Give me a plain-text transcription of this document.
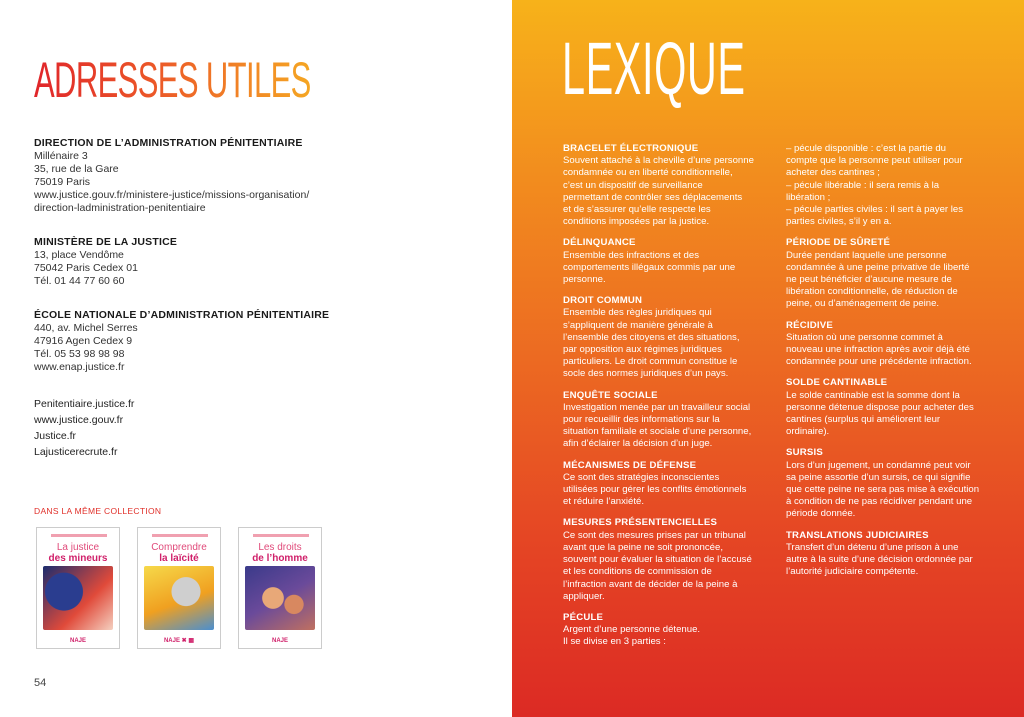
ADRESSES UTILES
DIRECTION DE L’ADMINISTRATION PÉNITENTIAIRE
Millénaire 3
35, rue de la Gare
75019 Paris
www.justice.gouv.fr/ministere-justice/missions-organisation/
direction-ladministration-penitentiaire
MINISTÈRE DE LA JUSTICE
13, place Vendôme
75042 Paris Cedex 01
Tél. 01 44 77 60 60
ÉCOLE NATIONALE D’ADMINISTRATION PÉNITENTIAIRE
440, av. Michel Serres
47916 Agen Cedex 9
Tél. 05 53 98 98 98
www.enap.justice.fr
Penitentiaire.justice.fr
www.justice.gouv.fr
Justice.fr
Lajusticerecrute.fr
DANS LA MÊME COLLECTION
La justice
des mineurs
NAJE
Comprendre
la laïcité
NAJE ✖ ▦
Les droits
de l’homme
NAJE
54
LEXIQUE
BRACELET ÉLECTRONIQUE
Souvent attaché à la cheville d’une personne
condamnée ou en liberté conditionnelle,
c’est un dispositif de surveillance
permettant de contrôler ses déplacements
et de s’assurer qu’elle respecte les
conditions imposées par la justice.
DÉLINQUANCE
Ensemble des infractions et des
comportements illégaux commis par une
personne.
DROIT COMMUN
Ensemble des règles juridiques qui
s’appliquent de manière générale à
l’ensemble des citoyens et des situations,
par opposition aux régimes juridiques
particuliers. Le droit commun constitue le
socle des normes juridiques d’un pays.
ENQUÊTE SOCIALE
Investigation menée par un travailleur social
pour recueillir des informations sur la
situation familiale et sociale d’une personne,
afin d’éclairer la décision d’un juge.
MÉCANISMES DE DÉFENSE
Ce sont des stratégies inconscientes
utilisées pour gérer les conflits émotionnels
et réduire l’anxiété.
MESURES PRÉSENTENCIELLES
Ce sont des mesures prises par un tribunal
avant que la peine ne soit prononcée,
souvent pour évaluer la situation de l’accusé
et les conditions de commission de
l’infraction avant de décider de la peine à
appliquer.
PÉCULE
Argent d’une personne détenue.
Il se divise en 3 parties :
– pécule disponible : c’est la partie du
compte que la personne peut utiliser pour
acheter des cantines ;
– pécule libérable : il sera remis à la
libération ;
– pécule parties civiles : il sert à payer les
parties civiles, s’il y en a.
PÉRIODE DE SÛRETÉ
Durée pendant laquelle une personne
condamnée à une peine privative de liberté
ne peut bénéficier d’aucune mesure de
libération conditionnelle, de réduction de
peine, ou d’aménagement de peine.
RÉCIDIVE
Situation où une personne commet à
nouveau une infraction après avoir déjà été
condamnée pour une précédente infraction.
SOLDE CANTINABLE
Le solde cantinable est la somme dont la
personne détenue dispose pour acheter des
cantines (surplus qui améliorent leur
ordinaire).
SURSIS
Lors d’un jugement, un condamné peut voir
sa peine assortie d’un sursis, ce qui signifie
que cette peine ne sera pas mise à exécution
à condition de ne pas récidiver pendant une
période donnée.
TRANSLATIONS JUDICIAIRES
Transfert d’un détenu d’une prison à une
autre à la suite d’une décision ordonnée par
l’autorité judiciaire compétente.
